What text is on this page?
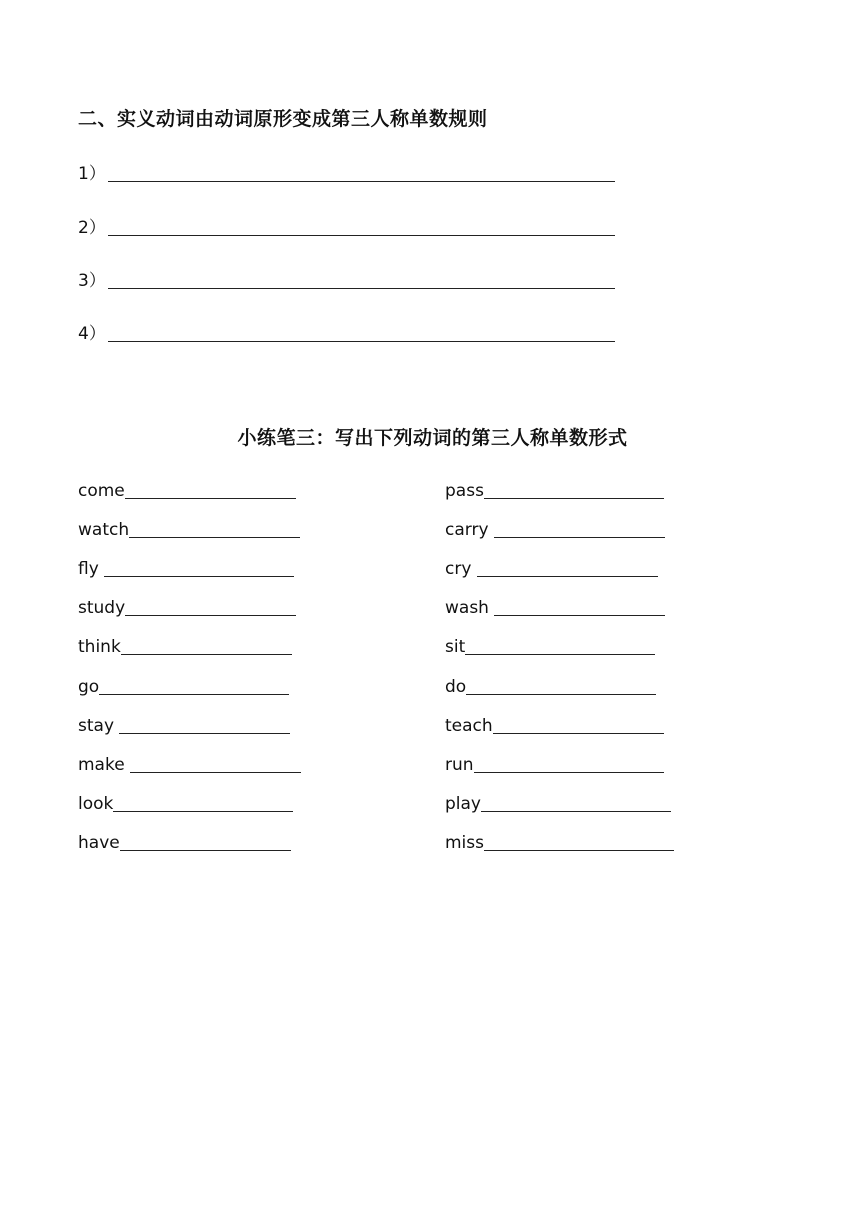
二、实义动词由动词原形变成第三人称单数规则
1）
2）
3）
4）
小练笔三：写出下列动词的第三人称单数形式
come
watch
fly
study
think
go
stay
make
look
have
pass
carry
cry
wash
sit
do
teach
run
play
miss
